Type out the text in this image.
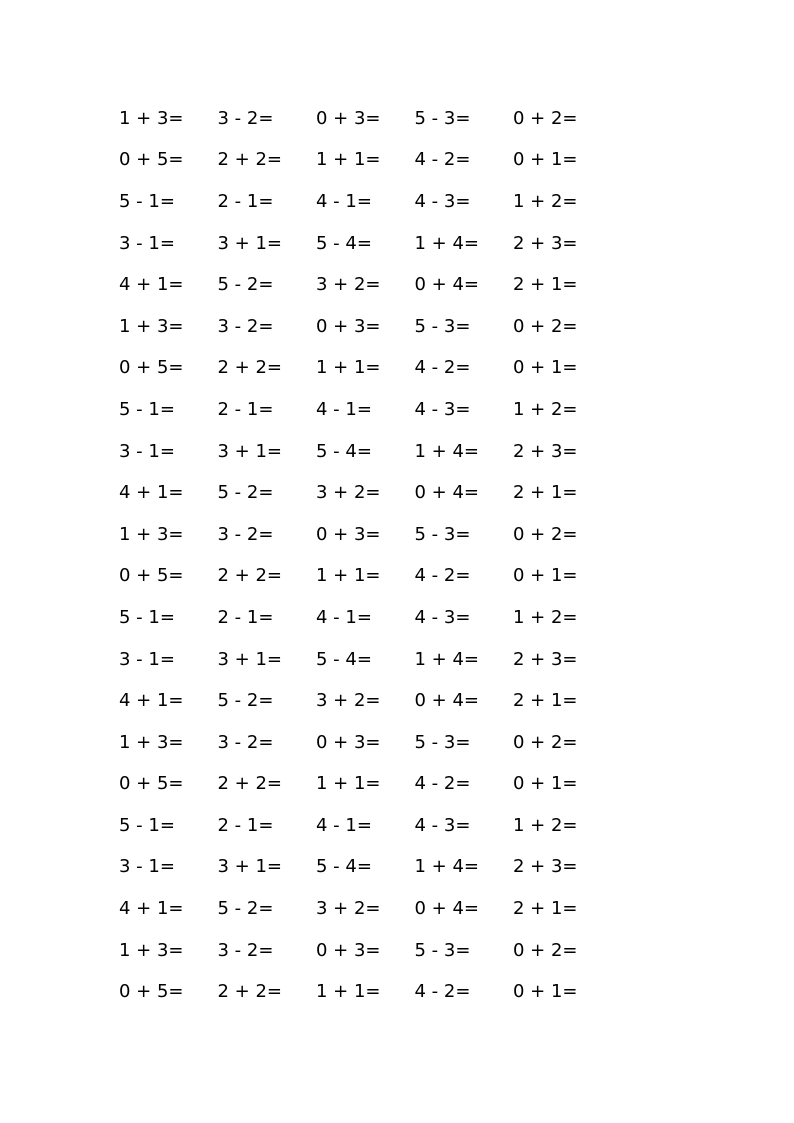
1 + 3=	3 - 2=	0 + 3=	5 - 3=	0 + 2=
0 + 5=	2 + 2=	1 + 1=	4 - 2=	0 + 1=
5 - 1=	2 - 1=	4 - 1=	4 - 3=	1 + 2=
3 - 1=	3 + 1=	5 - 4=	1 + 4=	2 + 3=
4 + 1=	5 - 2=	3 + 2=	0 + 4=	2 + 1=
1 + 3=	3 - 2=	0 + 3=	5 - 3=	0 + 2=
0 + 5=	2 + 2=	1 + 1=	4 - 2=	0 + 1=
5 - 1=	2 - 1=	4 - 1=	4 - 3=	1 + 2=
3 - 1=	3 + 1=	5 - 4=	1 + 4=	2 + 3=
4 + 1=	5 - 2=	3 + 2=	0 + 4=	2 + 1=
1 + 3=	3 - 2=	0 + 3=	5 - 3=	0 + 2=
0 + 5=	2 + 2=	1 + 1=	4 - 2=	0 + 1=
5 - 1=	2 - 1=	4 - 1=	4 - 3=	1 + 2=
3 - 1=	3 + 1=	5 - 4=	1 + 4=	2 + 3=
4 + 1=	5 - 2=	3 + 2=	0 + 4=	2 + 1=
1 + 3=	3 - 2=	0 + 3=	5 - 3=	0 + 2=
0 + 5=	2 + 2=	1 + 1=	4 - 2=	0 + 1=
5 - 1=	2 - 1=	4 - 1=	4 - 3=	1 + 2=
3 - 1=	3 + 1=	5 - 4=	1 + 4=	2 + 3=
4 + 1=	5 - 2=	3 + 2=	0 + 4=	2 + 1=
1 + 3=	3 - 2=	0 + 3=	5 - 3=	0 + 2=
0 + 5=	2 + 2=	1 + 1=	4 - 2=	0 + 1=
